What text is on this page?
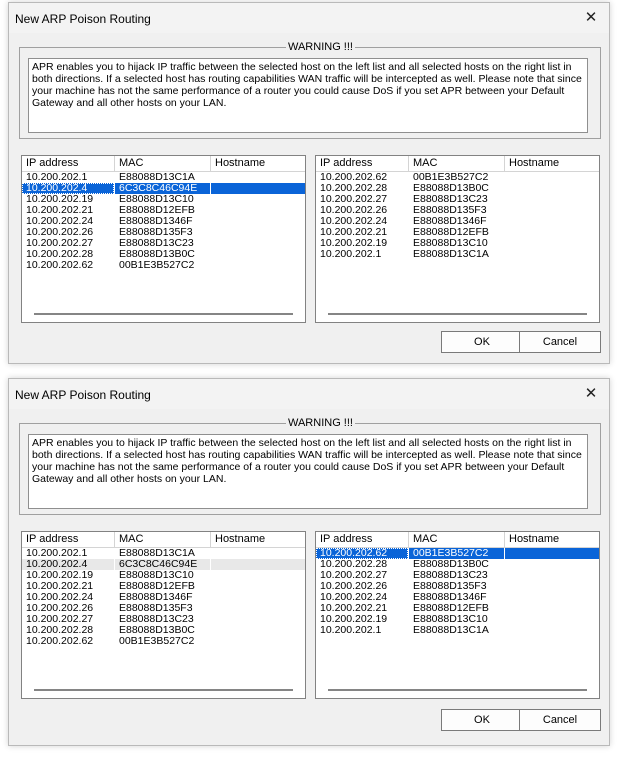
New ARP Poison Routing	✕
WARNING !!!
APR enables you to hijack IP traffic between the selected host on the left list and all selected hosts on the right list in both directions. If a selected host has routing capabilities WAN traffic will be intercepted as well. Please note that since your machine has not the same performance of a router you could cause DoS if you set APR between your Default Gateway and all other hosts on your LAN.
IP address	MAC	Hostname
10.200.202.1	E88088D13C1A
10.200.202.4	6C3C8C46C94E
10.200.202.19	E88088D13C10
10.200.202.21	E88088D12EFB
10.200.202.24	E88088D1346F
10.200.202.26	E88088D135F3
10.200.202.27	E88088D13C23
10.200.202.28	E88088D13B0C
10.200.202.62	00B1E3B527C2
IP address	MAC	Hostname
10.200.202.62	00B1E3B527C2
10.200.202.28	E88088D13B0C
10.200.202.27	E88088D13C23
10.200.202.26	E88088D135F3
10.200.202.24	E88088D1346F
10.200.202.21	E88088D12EFB
10.200.202.19	E88088D13C10
10.200.202.1	E88088D13C1A
OK	Cancel
New ARP Poison Routing	✕
WARNING !!!
APR enables you to hijack IP traffic between the selected host on the left list and all selected hosts on the right list in both directions. If a selected host has routing capabilities WAN traffic will be intercepted as well. Please note that since your machine has not the same performance of a router you could cause DoS if you set APR between your Default Gateway and all other hosts on your LAN.
IP address	MAC	Hostname
10.200.202.1	E88088D13C1A
10.200.202.4	6C3C8C46C94E
10.200.202.19	E88088D13C10
10.200.202.21	E88088D12EFB
10.200.202.24	E88088D1346F
10.200.202.26	E88088D135F3
10.200.202.27	E88088D13C23
10.200.202.28	E88088D13B0C
10.200.202.62	00B1E3B527C2
IP address	MAC	Hostname
10.200.202.62	00B1E3B527C2
10.200.202.28	E88088D13B0C
10.200.202.27	E88088D13C23
10.200.202.26	E88088D135F3
10.200.202.24	E88088D1346F
10.200.202.21	E88088D12EFB
10.200.202.19	E88088D13C10
10.200.202.1	E88088D13C1A
OK	Cancel
